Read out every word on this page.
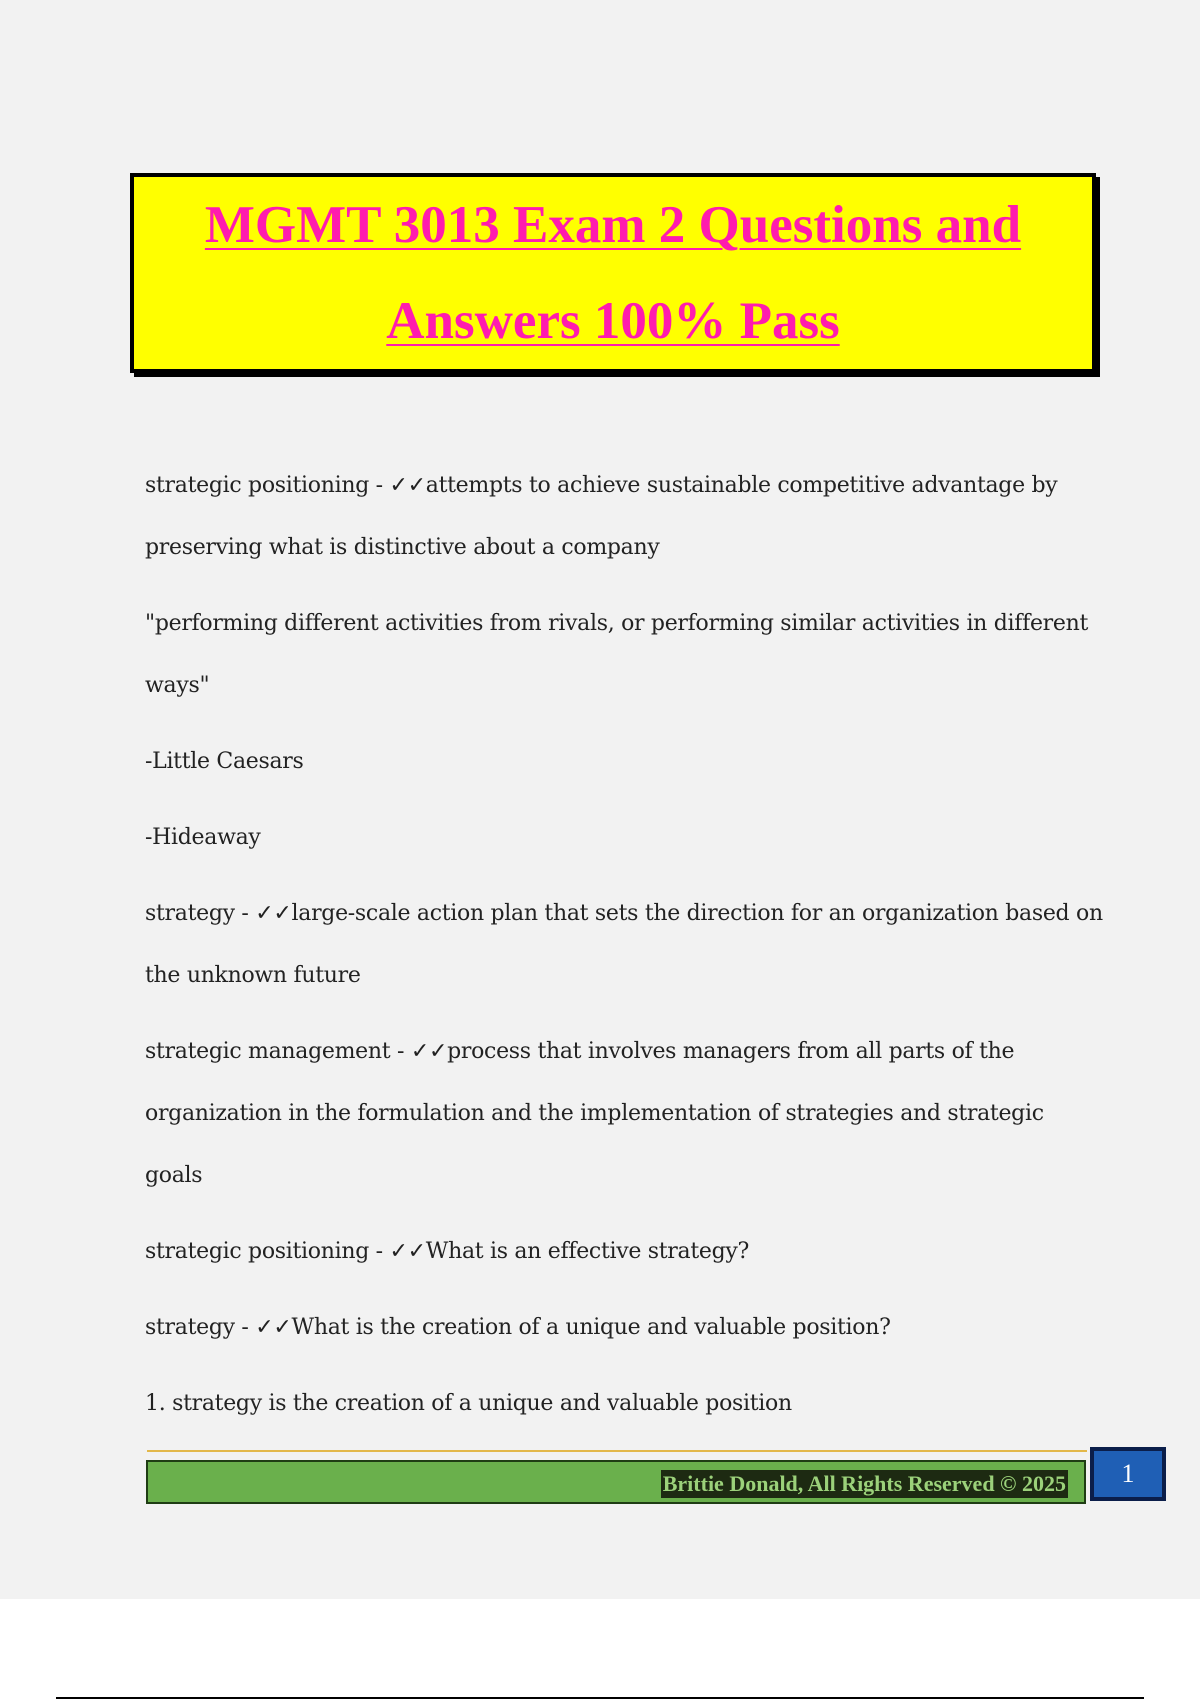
MGMT 3013 Exam 2 Questions and
Answers 100% Pass

strategic positioning - ✓✓attempts to achieve sustainable competitive advantage by preserving what is distinctive about a company

"performing different activities from rivals, or performing similar activities in different ways"

-Little Caesars

-Hideaway

strategy - ✓✓large-scale action plan that sets the direction for an organization based on the unknown future

strategic management - ✓✓process that involves managers from all parts of the organization in the formulation and the implementation of strategies and strategic goals

strategic positioning - ✓✓What is an effective strategy?

strategy - ✓✓What is the creation of a unique and valuable position?

1. strategy is the creation of a unique and valuable position

Brittie Donald, All Rights Reserved © 2025	1
